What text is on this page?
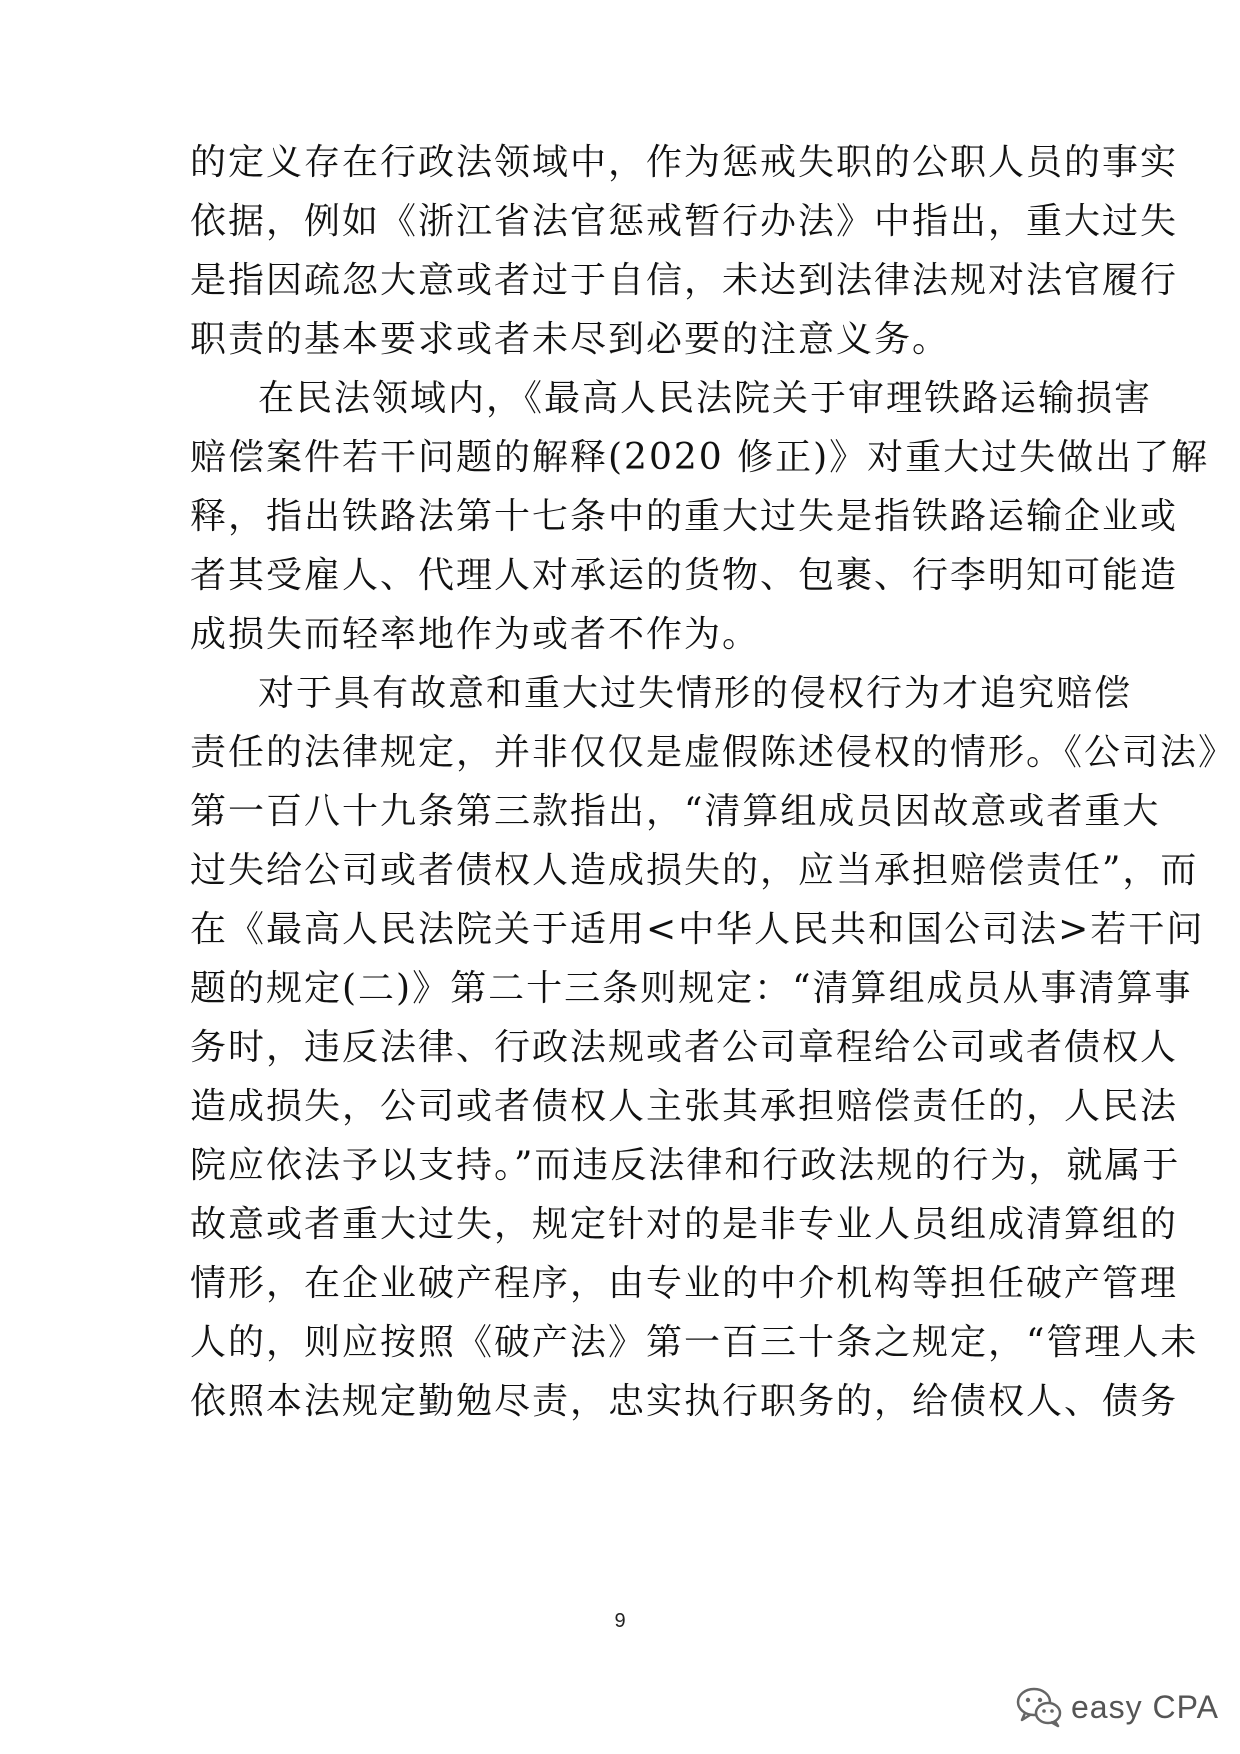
的定义存在行政法领域中，作为惩戒失职的公职人员的事实
依据，例如《浙江省法官惩戒暂行办法》中指出，重大过失
是指因疏忽大意或者过于自信，未达到法律法规对法官履行
职责的基本要求或者未尽到必要的注意义务。
在民法领域内，《最高人民法院关于审理铁路运输损害
赔偿案件若干问题的解释(2020 修正)》对重大过失做出了解
释，指出铁路法第十七条中的重大过失是指铁路运输企业或
者其受雇人、代理人对承运的货物、包裹、行李明知可能造
成损失而轻率地作为或者不作为。
对于具有故意和重大过失情形的侵权行为才追究赔偿
责任的法律规定，并非仅仅是虚假陈述侵权的情形。《公司法》
第一百八十九条第三款指出，“清算组成员因故意或者重大
过失给公司或者债权人造成损失的，应当承担赔偿责任”，而
在《最高人民法院关于适用<中华人民共和国公司法>若干问
题的规定(二)》第二十三条则规定：“清算组成员从事清算事
务时，违反法律、行政法规或者公司章程给公司或者债权人
造成损失，公司或者债权人主张其承担赔偿责任的，人民法
院应依法予以支持。”而违反法律和行政法规的行为，就属于
故意或者重大过失，规定针对的是非专业人员组成清算组的
情形，在企业破产程序，由专业的中介机构等担任破产管理
人的，则应按照《破产法》第一百三十条之规定，“管理人未
依照本法规定勤勉尽责，忠实执行职务的，给债权人、债务
9
easy CPA
